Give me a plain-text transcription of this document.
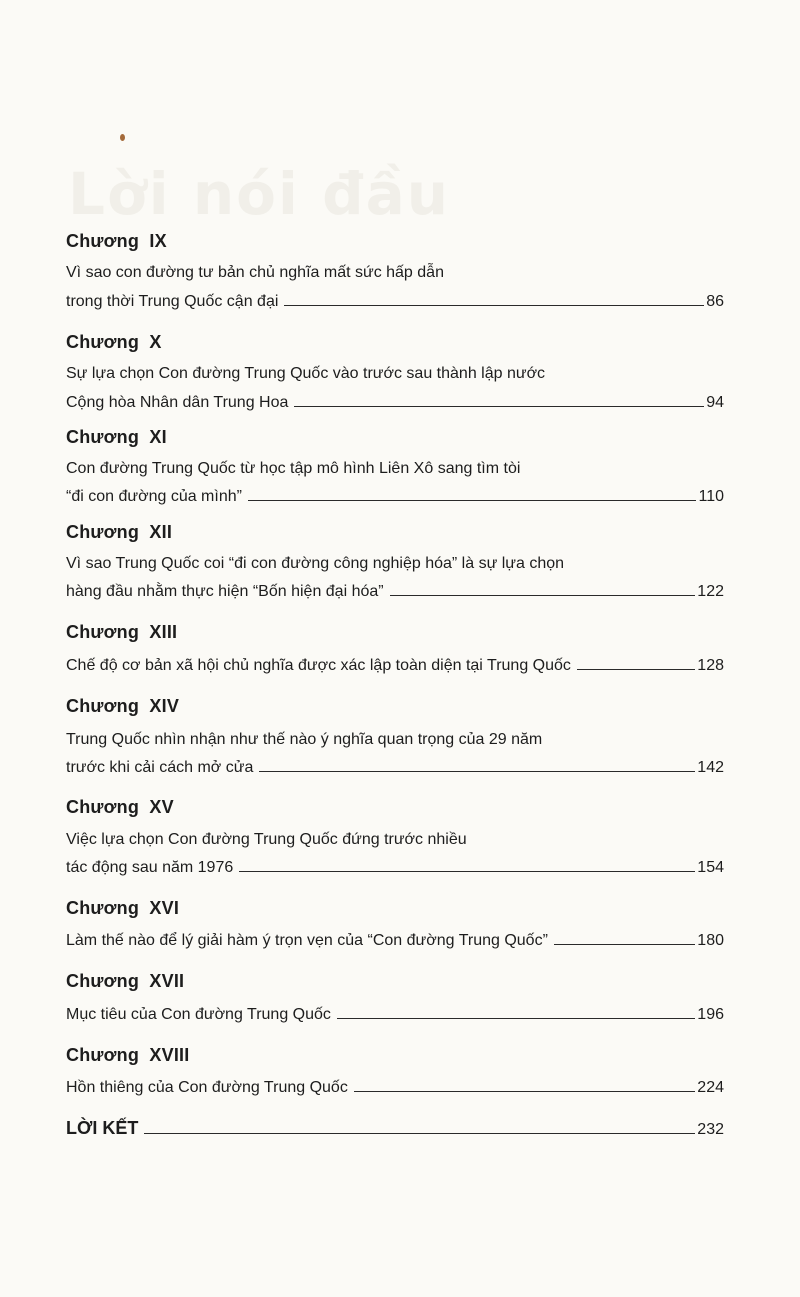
Lời nói đầu
Chương  IX
Vì sao con đường tư bản chủ nghĩa mất sức hấp dẫn
trong thời Trung Quốc cận đại	86
Chương  X
Sự lựa chọn Con đường Trung Quốc vào trước sau thành lập nước
Cộng hòa Nhân dân Trung Hoa	94
Chương  XI
Con đường Trung Quốc từ học tập mô hình Liên Xô sang tìm tòi
“đi con đường của mình”	110
Chương  XII
Vì sao Trung Quốc coi “đi con đường công nghiệp hóa” là sự lựa chọn
hàng đầu nhằm thực hiện “Bốn hiện đại hóa”	122
Chương  XIII
Chế độ cơ bản xã hội chủ nghĩa được xác lập toàn diện tại Trung Quốc	128
Chương  XIV
Trung Quốc nhìn nhận như thế nào ý nghĩa quan trọng của 29 năm
trước khi cải cách mở cửa	142
Chương  XV
Việc lựa chọn Con đường Trung Quốc đứng trước nhiều
tác động sau năm 1976	154
Chương  XVI
Làm thế nào để lý giải hàm ý trọn vẹn của “Con đường Trung Quốc”	180
Chương  XVII
Mục tiêu của Con đường Trung Quốc	196
Chương  XVIII
Hồn thiêng của Con đường Trung Quốc	224
LỜI KẾT	232
